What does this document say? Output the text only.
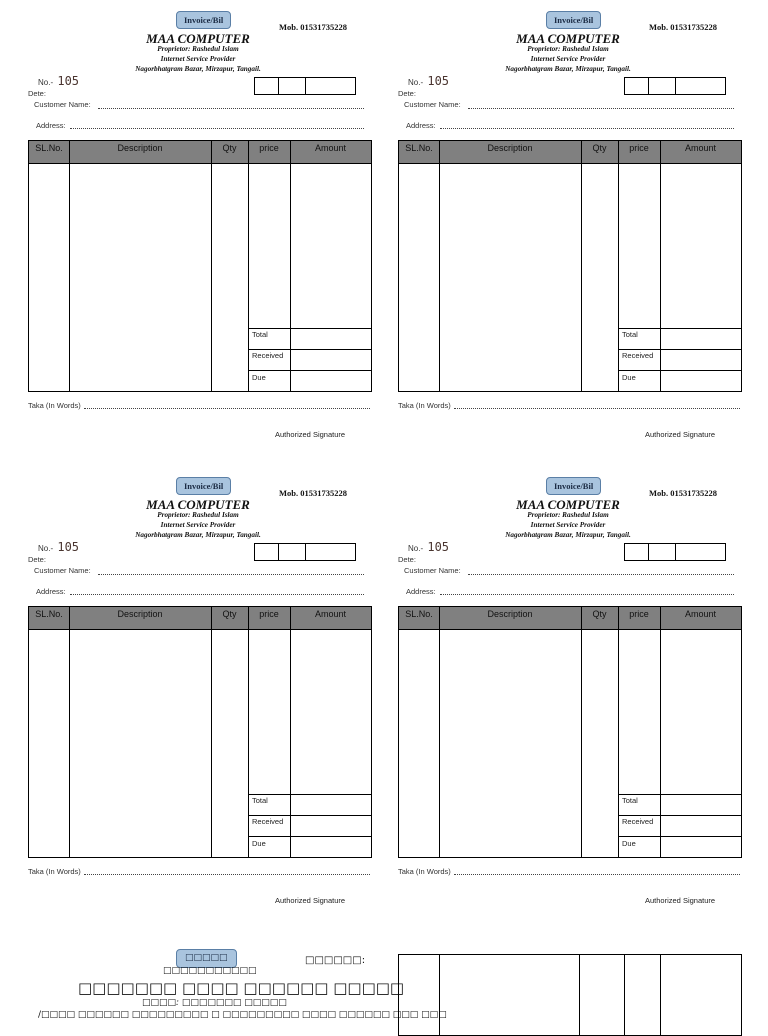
Invoice/Bil
Mob. 01531735228
MAA COMPUTER
Proprietor: Rashedul Islam
Internet Service Provider
Nagorbhatgram Bazar, Mirzapur, Tangail.
No.- 105
Dete:
Customer Name:
Address:
SL.No.	Description	Qty	price	Amount
Total
Received
Due
Taka (In Words)
Authorized Signature
Invoice/Bil
Mob. 01531735228
MAA COMPUTER
Proprietor: Rashedul Islam
Internet Service Provider
Nagorbhatgram Bazar, Mirzapur, Tangail.
No.- 105
Dete:
Customer Name:
Address:
SL.No.	Description	Qty	price	Amount
Total
Received
Due
Taka (In Words)
Authorized Signature
Invoice/Bil
Mob. 01531735228
MAA COMPUTER
Proprietor: Rashedul Islam
Internet Service Provider
Nagorbhatgram Bazar, Mirzapur, Tangail.
No.- 105
Dete:
Customer Name:
Address:
SL.No.	Description	Qty	price	Amount
Total
Received
Due
Taka (In Words)
Authorized Signature
Invoice/Bil
Mob. 01531735228
MAA COMPUTER
Proprietor: Rashedul Islam
Internet Service Provider
Nagorbhatgram Bazar, Mirzapur, Tangail.
No.- 105
Dete:
Customer Name:
Address:
SL.No.	Description	Qty	price	Amount
Total
Received
Due
Taka (In Words)
Authorized Signature
□□□□□	□□□□□□:
□□□□□□□□□□□
□□□□□□□ □□□□ □□□□□□ □□□□□
□□□□: □□□□□□□ □□□□□
/□□□□ □□□□□□ □□□□□□□□□ □ □□□□□□□□□ □□□□ □□□□□□ □□□ □□□
